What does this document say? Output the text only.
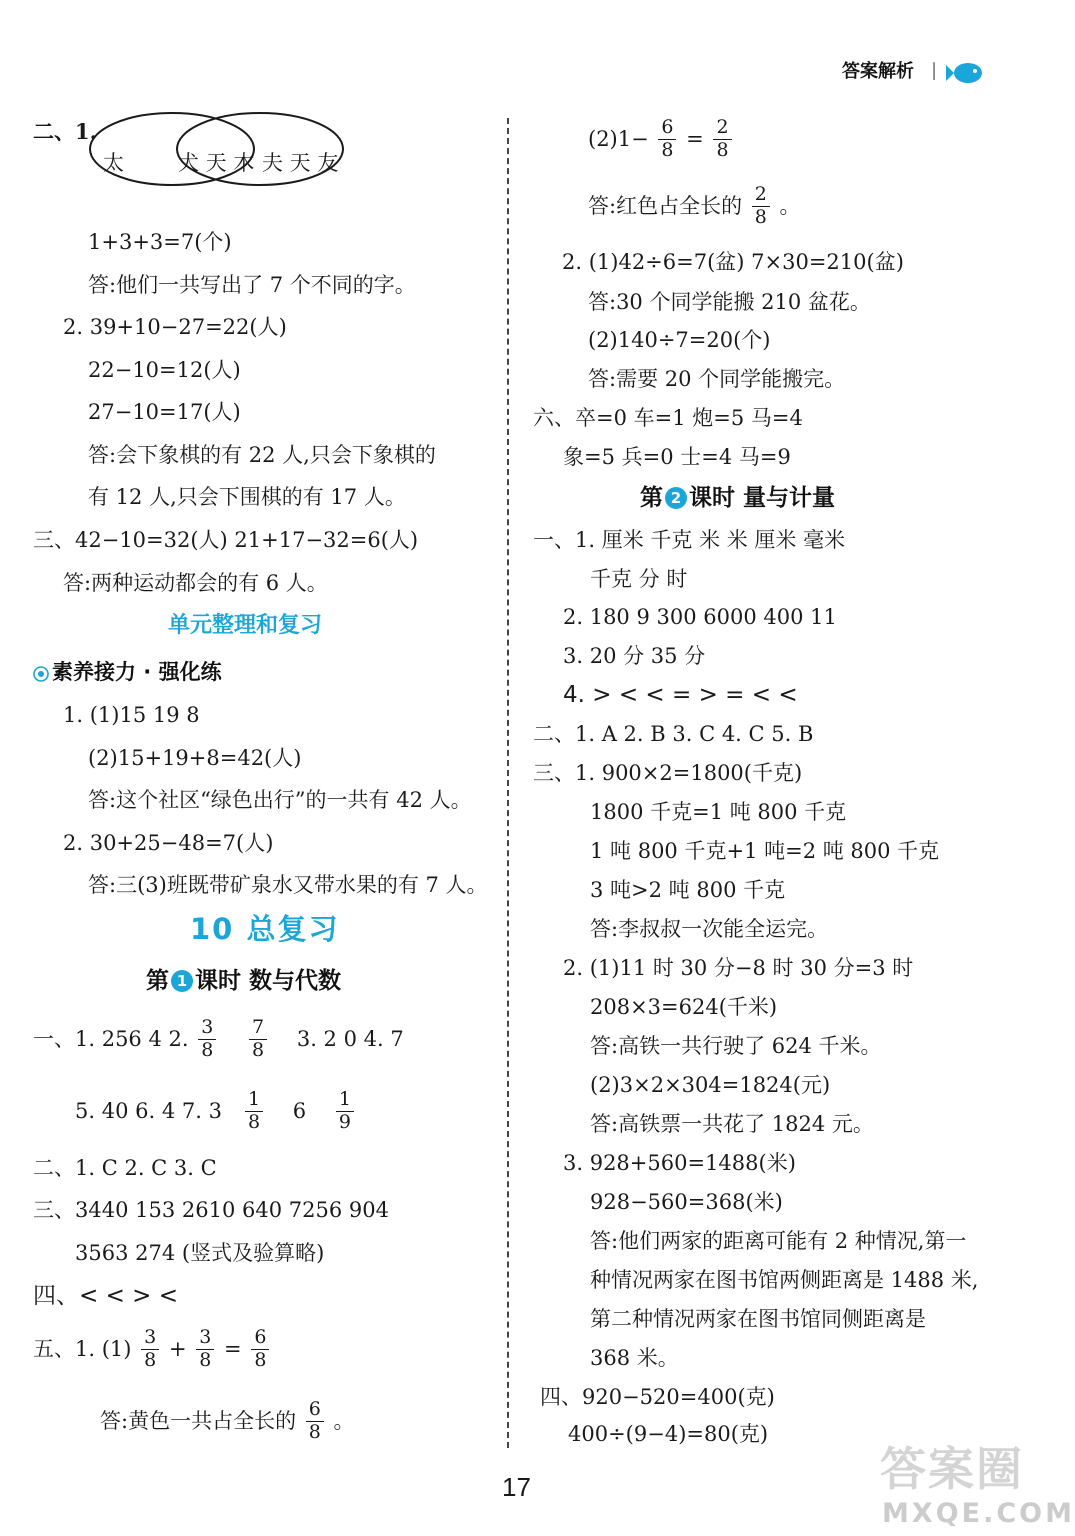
答案解析 |
二、1.
太	犬 天 木 夫 天 友
1+3+3=7(个)
答:他们一共写出了 7 个不同的字。
2. 39+10−27=22(人)
22−10=12(人)
27−10=17(人)
答:会下象棋的有 22 人,只会下象棋的
有 12 人,只会下围棋的有 17 人。
三、42−10=32(人) 21+17−32=6(人)
答:两种运动都会的有 6 人。
单元整理和复习
素养接力 · 强化练
1. (1)15 19 8
(2)15+19+8=42(人)
答:这个社区“绿色出行”的一共有 42 人。
2. 30+25−48=7(人)
答:三(3)班既带矿泉水又带水果的有 7 人。
10 总复习
第 1 课时 数与代数
一、1. 256 4 2. $\frac{3}{8}$
$\frac{7}{8} 3$. 2 0 4. 7
5. 40 6. 4 7. $3 \frac{1}{8} 6 \frac{1}{9}$
二、1. C 2. C 3. C
三、3440 153 2610 640 7256 904
3563 274 (竖式及验算略)
四、< < > <
五、1. $(1) \frac{3}{8} + \frac{3}{8} = \frac{6}{8}$
答:黄色一共占全长的 $\frac{6}{8}$ 。
$(2)1- \frac{6}{8} = \frac{2}{8}$
答:红色占全长的 $\frac{2}{8}$ 。
2. (1)42÷6=7(盆) 7×30=210(盆)
答:30 个同学能搬 210 盆花。
(2)140÷7=20(个)
答:需要 20 个同学能搬完。
六、卒=0 车=1 炮=5 马=4
象=5 兵=0 士=4 马=9
第 2 课时 量与计量
一、1. 厘米 千克 米 米 厘米 毫米
千克 分 时
2. 180 9 300 6000 400 11
3. 20 分 35 分
4. > < < = > = < <
二、1. A 2. B 3. C 4. C 5. B
三、1. 900×2=1800(千克)
1800 千克=1 吨 800 千克
1 吨 800 千克+1 吨=2 吨 800 千克
3 吨>2 吨 800 千克
答:李叔叔一次能全运完。
2. (1)11 时 30 分−8 时 30 分=3 时
208×3=624(千米)
答:高铁一共行驶了 624 千米。
(2)3×2×304=1824(元)
答:高铁票一共花了 1824 元。
3. 928+560=1488(米)
928−560=368(米)
答:他们两家的距离可能有 2 种情况,第一
种情况两家在图书馆两侧距离是 1488 米,
第二种情况两家在图书馆同侧距离是
368 米。
四、920−520=400(克)
400÷(9−4)=80(克)
17	答案圈
MXQE.COM
